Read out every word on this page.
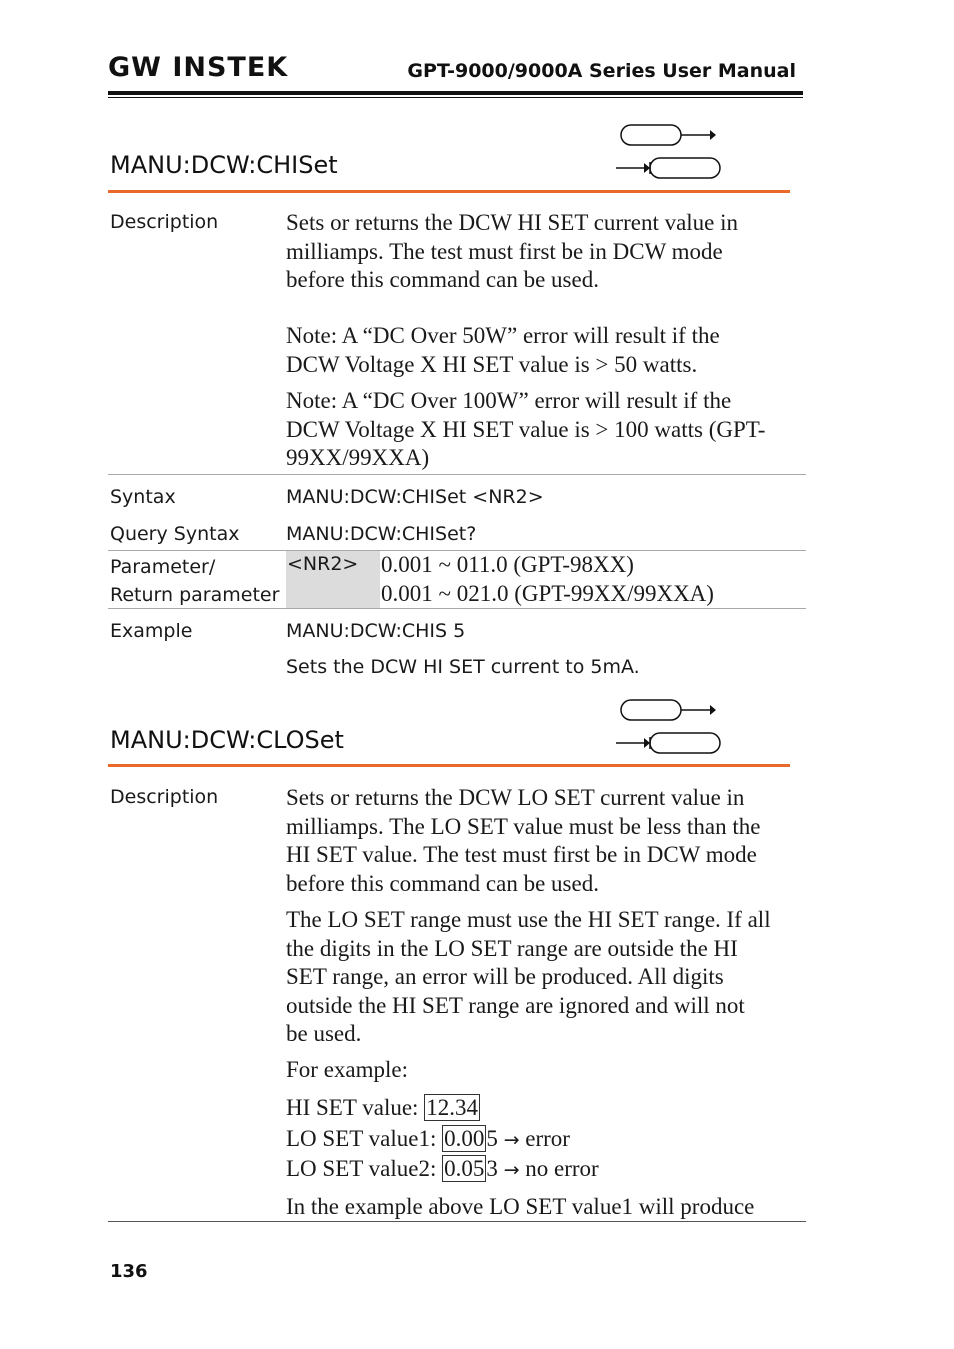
GW INSTEK	GPT-9000/9000A Series User Manual
MANU:DCW:CHISet
Description	Sets or returns the DCW HI SET current value in
milliamps. The test must first be in DCW mode
before this command can be used.
Note: A “DC Over 50W” error will result if the
DCW Voltage X HI SET value is > 50 watts.
Note: A “DC Over 100W” error will result if the
DCW Voltage X HI SET value is > 100 watts (GPT-
99XX/99XXA)
Syntax	MANU:DCW:CHISet <NR2>
Query Syntax MANU:DCW:CHISet?
Parameter/
Return parameter
<NR2> 0.001 ~ 011.0 (GPT-98XX)
0.001 ~ 021.0 (GPT-99XX/99XXA)
Example	MANU:DCW:CHIS 5
Sets the DCW HI SET current to 5mA.
MANU:DCW:CLOSet
Description	Sets or returns the DCW LO SET current value in
milliamps. The LO SET value must be less than the
HI SET value. The test must first be in DCW mode
before this command can be used.
The LO SET range must use the HI SET range. If all
the digits in the LO SET range are outside the HI
SET range, an error will be produced. All digits
outside the HI SET range are ignored and will not
be used.
For example:
HI SET value: 12.34
LO SET value1: 0.005 → error
LO SET value2: 0.053 → no error
In the example above LO SET value1 will produce
136
